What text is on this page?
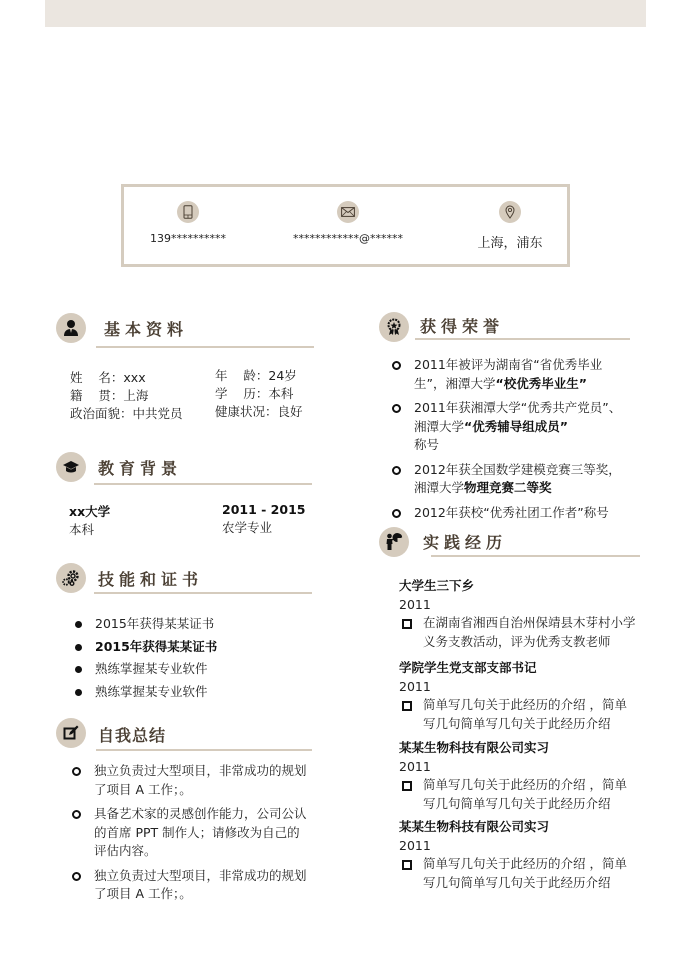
139**********	************@******	上海，浦东
基本资料
姓    名：xxx
籍    贯：上海
政治面貌：中共党员
年    龄：24岁
学    历：本科
健康状况：良好
教育背景
xx大学
本科
2011 - 2015
农学专业
技能和证书
2015年获得某某证书
2015年获得某某证书
熟练掌握某专业软件
熟练掌握某专业软件
自我总结
独立负责过大型项目，非常成功的规划了项目 A 工作；。
具备艺术家的灵感创作能力，公司公认的首席 PPT 制作人；请修改为自己的评估内容。
独立负责过大型项目，非常成功的规划了项目 A 工作；。
获得荣誉
2011年被评为湖南省“省优秀毕业生”，湘潭大学“校优秀毕业生”
2011年获湘潭大学“优秀共产党员”、湘潭大学“优秀辅导组成员”
称号
2012年获全国数学建模竞赛三等奖，湘潭大学物理竞赛二等奖
2012年获校“优秀社团工作者”称号
实践经历
大学生三下乡
2011
在湖南省湘西自治州保靖县木芽村小学义务支教活动，评为优秀支教老师
学院学生党支部支部书记
2011
简单写几句关于此经历的介绍 ，简单写几句简单写几句关于此经历介绍
某某生物科技有限公司实习
2011
简单写几句关于此经历的介绍 ，简单写几句简单写几句关于此经历介绍
某某生物科技有限公司实习
2011
简单写几句关于此经历的介绍 ，简单写几句简单写几句关于此经历介绍
